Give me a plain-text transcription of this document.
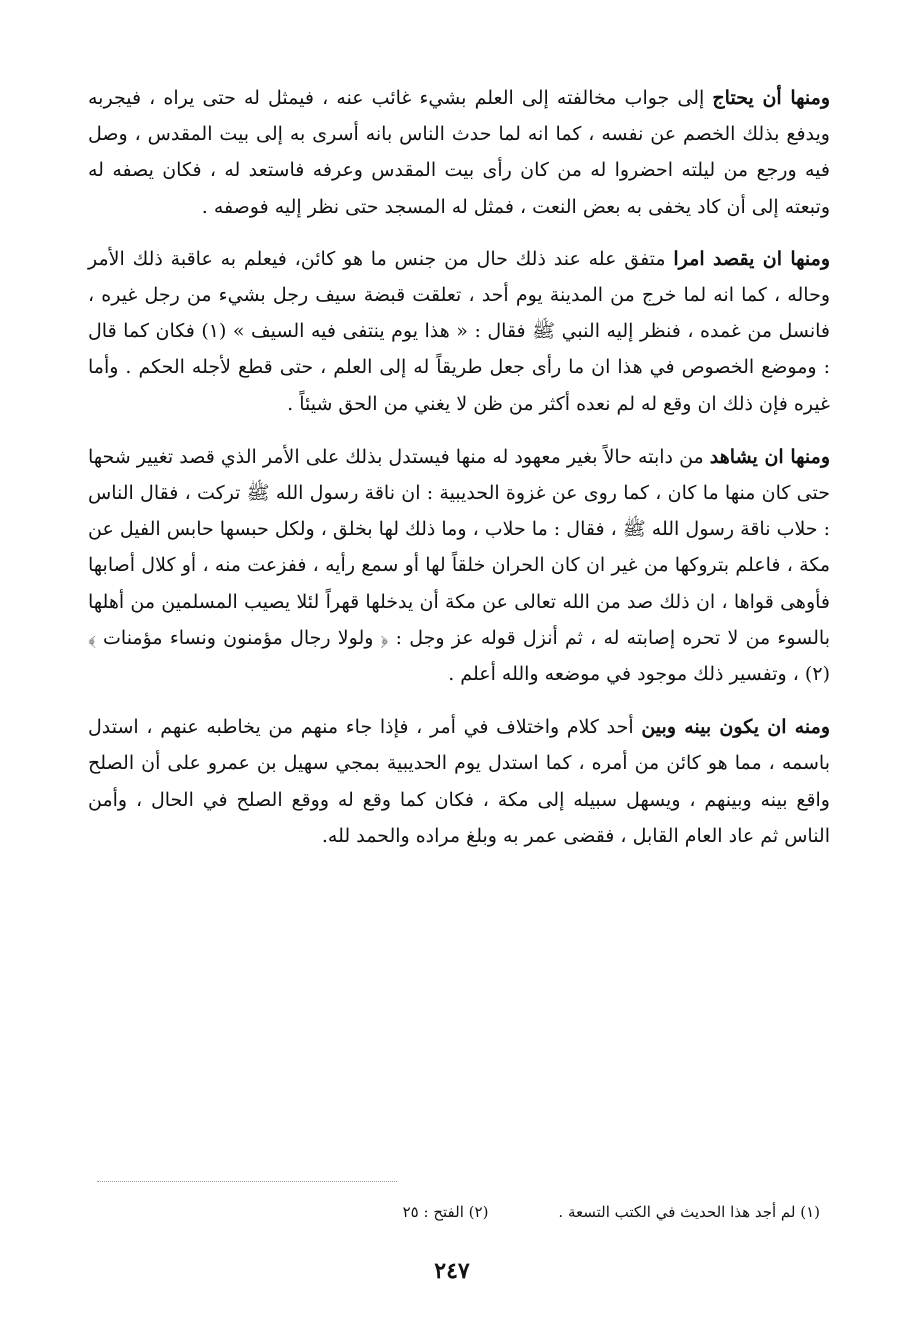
ومنها أن يحتاج إلى جواب مخالفته إلى العلم بشيء غائب عنه ، فيمثل له حتى يراه ، فيجربه ويدفع بذلك الخصم عن نفسه ، كما انه لما حدث الناس بانه أسرى به إلى بيت المقدس ، وصل فيه ورجع من ليلته احضروا له من كان رأى بيت المقدس وعرفه فاستعد له ، فكان يصفه له وتبعته إلى أن كاد يخفى به بعض النعت ، فمثل له المسجد حتى نظر إليه فوصفه .

ومنها ان يقصد امرا متفق عله عند ذلك حال من جنس ما هو كائن، فيعلم به عاقبة ذلك الأمر وحاله ، كما انه لما خرج من المدينة يوم أحد ، تعلقت قبضة سيف رجل بشيء من رجل غيره ، فانسل من غمده ، فنظر إليه النبي ﷺ فقال : « هذا يوم ينتفى فيه السيف » (١) فكان كما قال : وموضع الخصوص في هذا ان ما رأى جعل طريقاً له إلى العلم ، حتى قطع لأجله الحكم . وأما غيره فإن ذلك ان وقع له لم نعده أكثر من ظن لا يغني من الحق شيئاً .

ومنها ان يشاهد من دابته حالاً بغير معهود له منها فيستدل بذلك على الأمر الذي قصد تغيير شحها حتى كان منها ما كان ، كما روى عن غزوة الحديبية : ان ناقة رسول الله ﷺ تركت ، فقال الناس : حلاب ناقة رسول الله ﷺ ، فقال : ما حلاب ، وما ذلك لها بخلق ، ولكل حبسها حابس الفيل عن مكة ، فاعلم بتروكها من غير ان كان الحران خلقاً لها أو سمع رأيه ، ففزعت منه ، أو كلال أصابها فأوهى قواها ، ان ذلك صد من الله تعالى عن مكة أن يدخلها قهراً لئلا يصيب المسلمين من أهلها بالسوء من لا تحره إصابته له ، ثم أنزل قوله عز وجل : ﴿ ولولا رجال مؤمنون ونساء مؤمنات ﴾ (٢) ، وتفسير ذلك موجود في موضعه والله أعلم .

ومنه ان يكون بينه وبين أحد كلام واختلاف في أمر ، فإذا جاء منهم من يخاطبه عنهم ، استدل باسمه ، مما هو كائن من أمره ، كما استدل يوم الحديبية بمجي سهيل بن عمرو على أن الصلح واقع بينه وبينهم ، ويسهل سبيله إلى مكة ، فكان كما وقع له ووقع الصلح في الحال ، وأمن الناس ثم عاد العام القابل ، فقضى عمر به وبلغ مراده والحمد لله.

(١) لم أجد هذا الحديث في الكتب التسعة .
(٢) الفتح : ٢٥
٢٤٧
